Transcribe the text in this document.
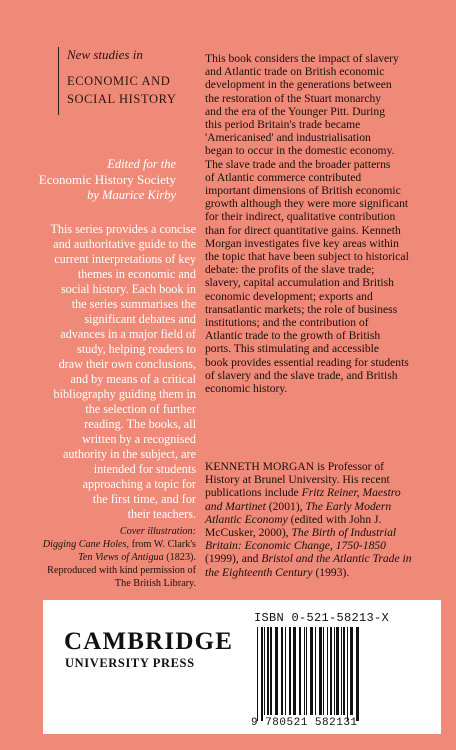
New studies in
ECONOMIC AND
SOCIAL HISTORY
Edited for the
Economic History Society
by Maurice Kirby
This series provides a concise
and authoritative guide to the
current interpretations of key
themes in economic and
social history. Each book in
the series summarises the
significant debates and
advances in a major field of
study, helping readers to
draw their own conclusions,
and by means of a critical
bibliography guiding them in
the selection of further
reading. The books, all
written by a recognised
authority in the subject, are
intended for students
approaching a topic for
the first time, and for
their teachers.
Cover illustration:
Digging Cane Holes, from W. Clark's
Ten Views of Antigua (1823).
Reproduced with kind permission of
The British Library.
This book considers the impact of slavery
and Atlantic trade on British economic
development in the generations between
the restoration of the Stuart monarchy
and the era of the Younger Pitt. During
this period Britain's trade became
'Americanised' and industrialisation
began to occur in the domestic economy.
The slave trade and the broader patterns
of Atlantic commerce contributed
important dimensions of British economic
growth although they were more significant
for their indirect, qualitative contribution
than for direct quantitative gains. Kenneth
Morgan investigates five key areas within
the topic that have been subject to historical
debate: the profits of the slave trade;
slavery, capital accumulation and British
economic development; exports and
transatlantic markets; the role of business
institutions; and the contribution of
Atlantic trade to the growth of British
ports. This stimulating and accessible
book provides essential reading for students
of slavery and the slave trade, and British
economic history.
KENNETH MORGAN is Professor of
History at Brunel University. His recent
publications include Fritz Reiner, Maestro
and Martinet (2001), The Early Modern
Atlantic Economy (edited with John J.
McCusker, 2000), The Birth of Industrial
Britain: Economic Change, 1750-1850
(1999), and Bristol and the Atlantic Trade in
the Eighteenth Century (1993).
CAMBRIDGE
UNIVERSITY PRESS
ISBN 0-521-58213-X
9 780521 582131
